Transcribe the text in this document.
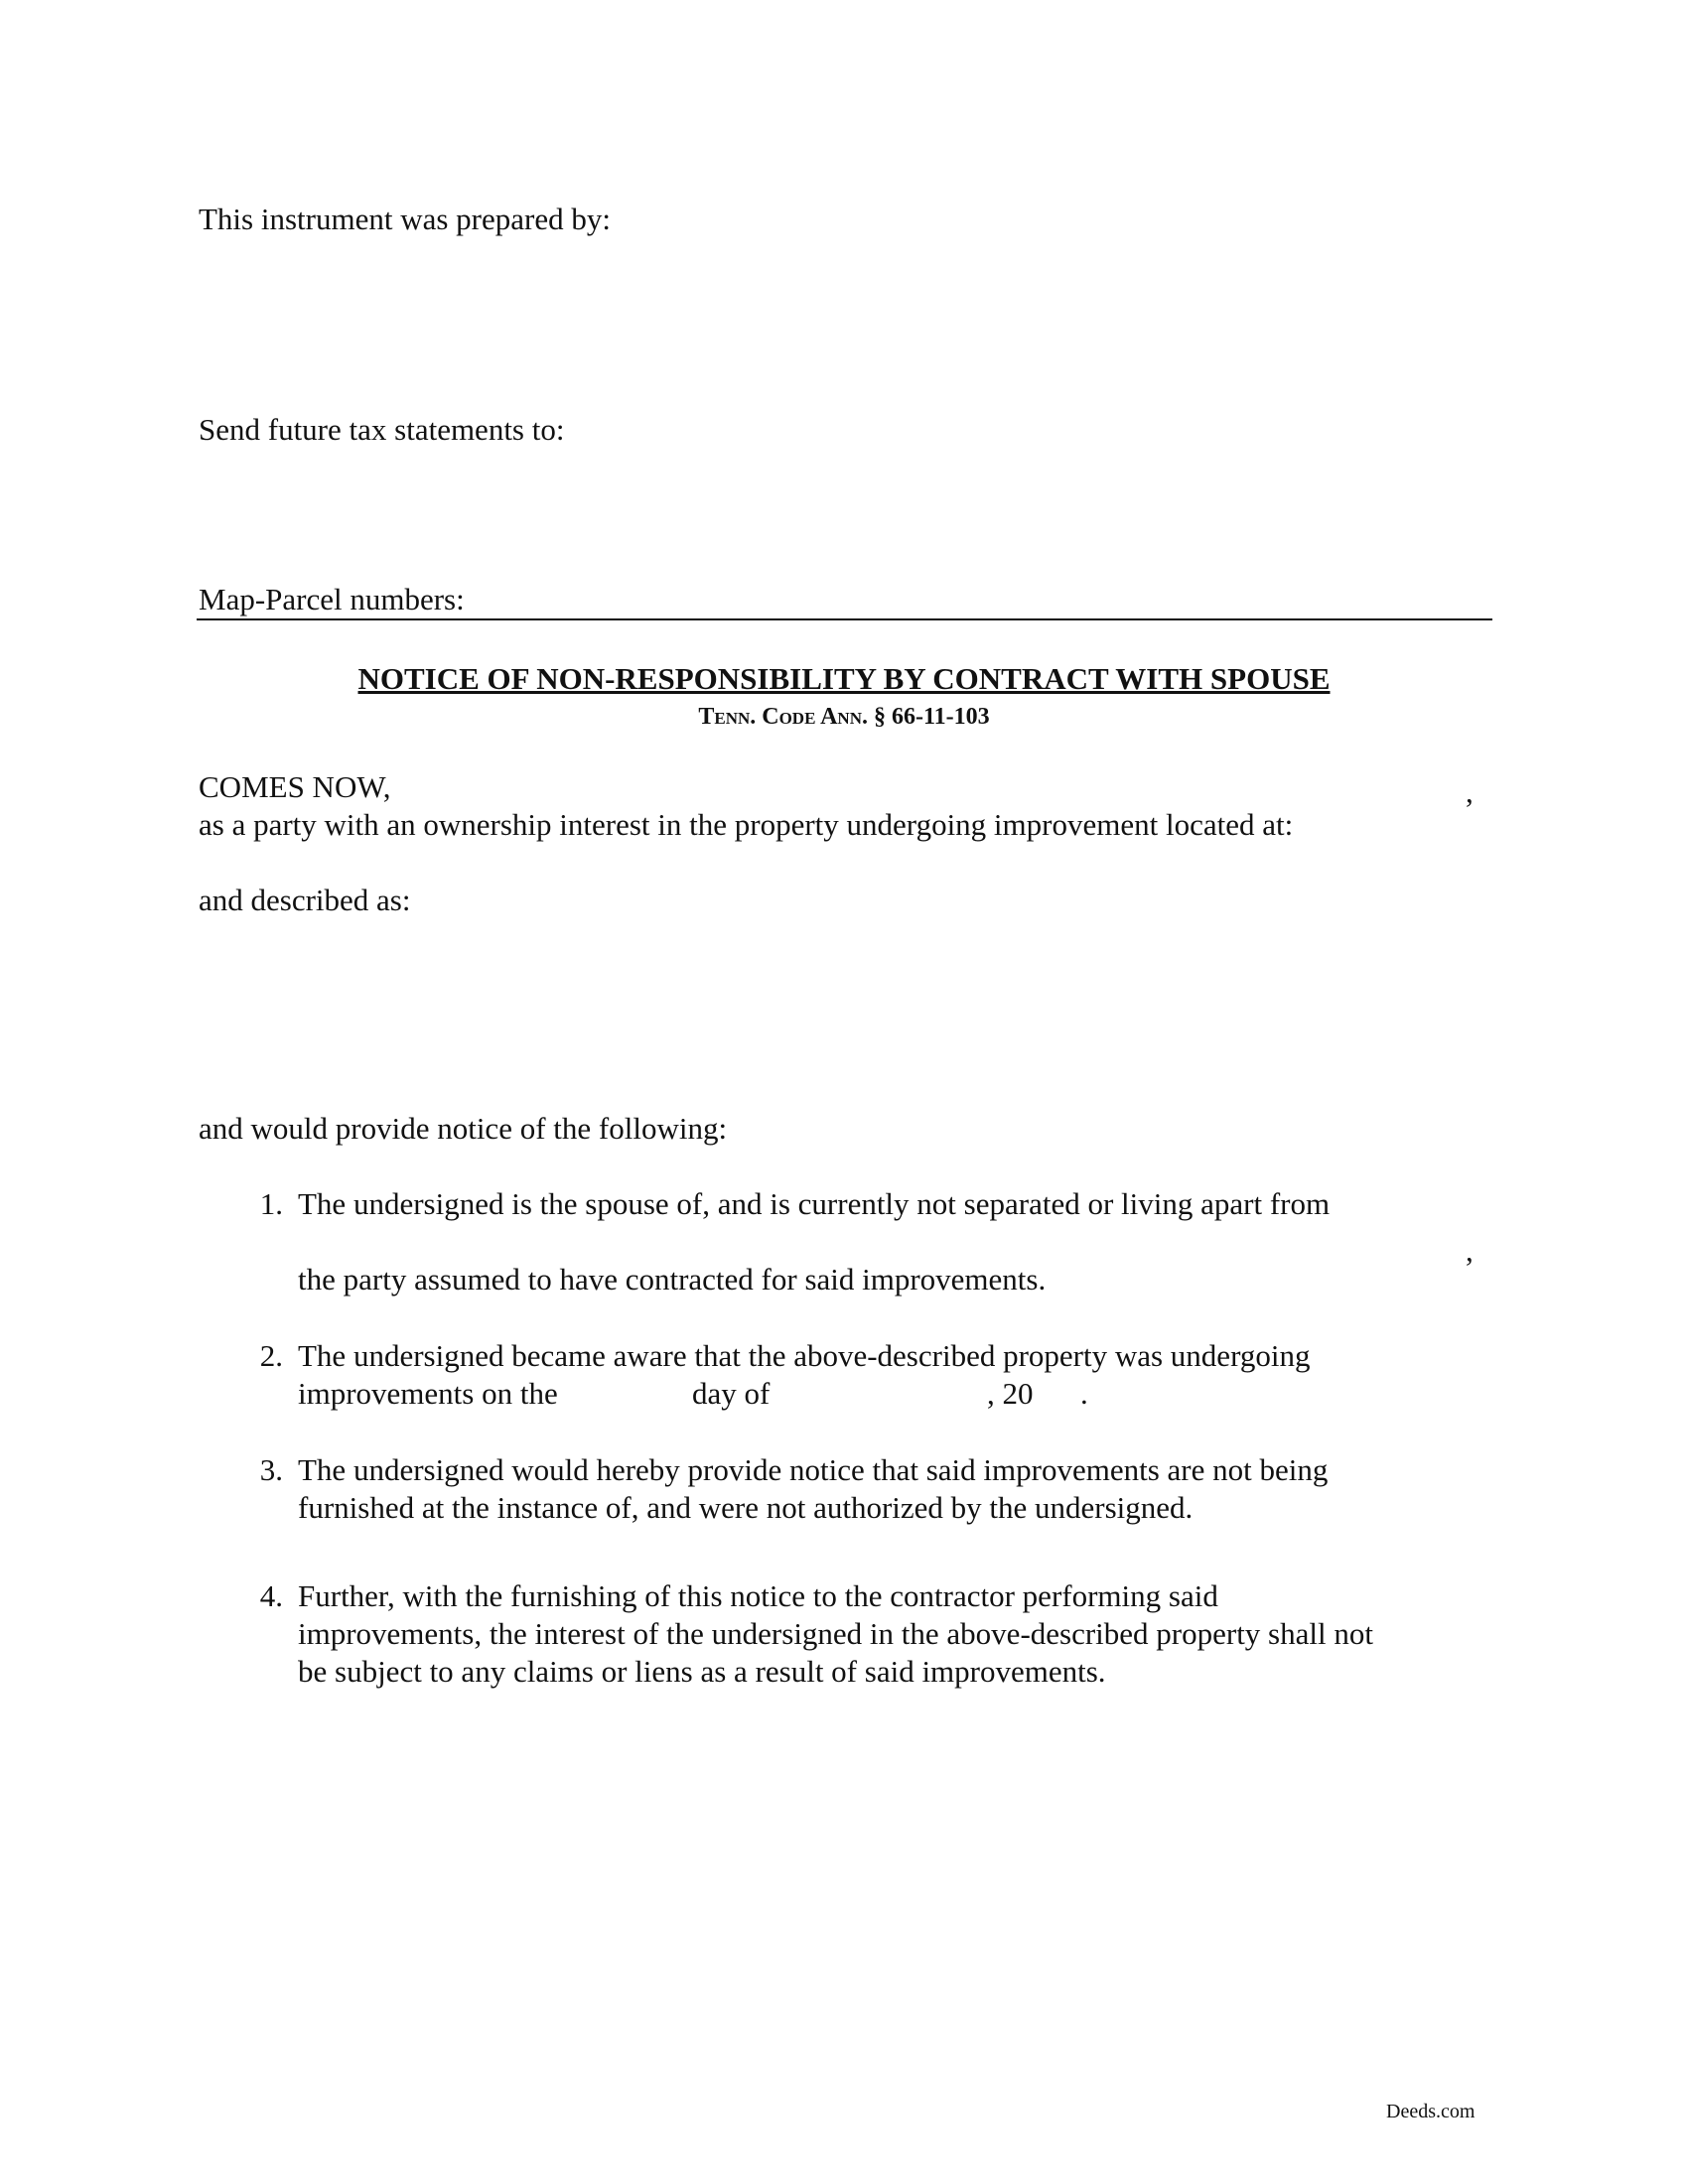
This instrument was prepared by:
Send future tax statements to:
Map-Parcel numbers:
NOTICE OF NON-RESPONSIBILITY BY CONTRACT WITH SPOUSE
Tenn. Code Ann. § 66-11-103
COMES NOW,	,
as a party with an ownership interest in the property undergoing improvement located at:
and described as:
and would provide notice of the following:
1. The undersigned is the spouse of, and is currently not separated or living apart from
,
the party assumed to have contracted for said improvements.
2. The undersigned became aware that the above-described property was undergoing
improvements on the	day of	, 20 .
3. The undersigned would hereby provide notice that said improvements are not being
furnished at the instance of, and were not authorized by the undersigned.
4. Further, with the furnishing of this notice to the contractor performing said
improvements, the interest of the undersigned in the above-described property shall not
be subject to any claims or liens as a result of said improvements.
Deeds.com
